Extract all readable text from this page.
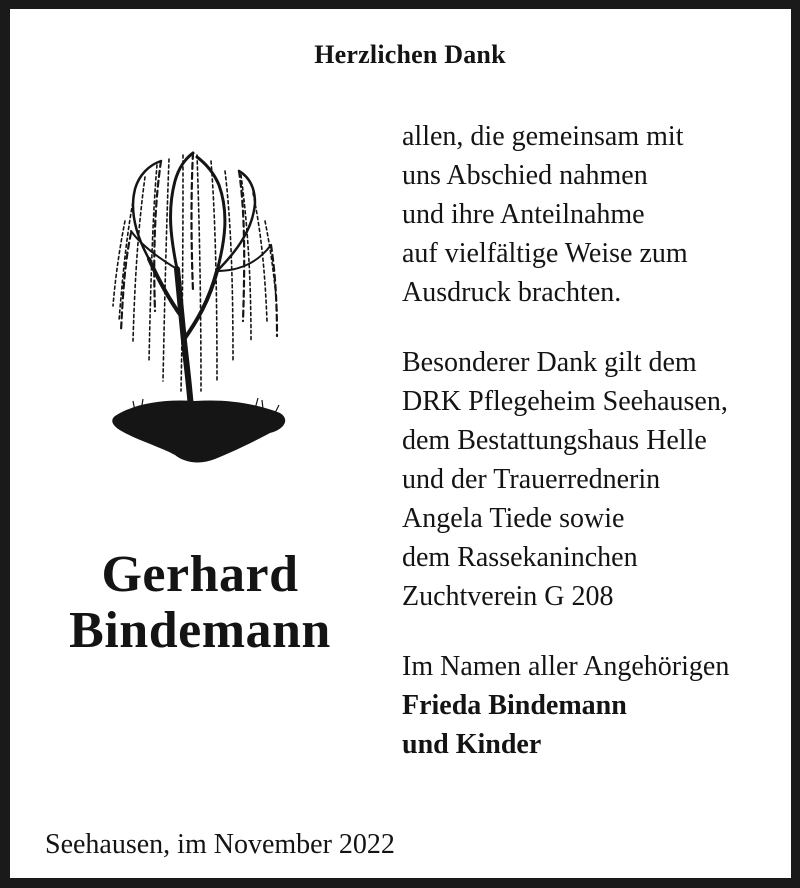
Herzlichen Dank
Gerhard
Bindemann

allen, die gemeinsam mit
uns Abschied nahmen
und ihre Anteilnahme
auf vielfältige Weise zum
Ausdruck brachten.

Besonderer Dank gilt dem
DRK Pflegeheim Seehausen,
dem Bestattungshaus Helle
und der Trauerrednerin
Angela Tiede sowie
dem Rassekaninchen
Zuchtverein G 208

Im Namen aller Angehörigen
Frieda Bindemann
und Kinder

Seehausen, im November 2022
